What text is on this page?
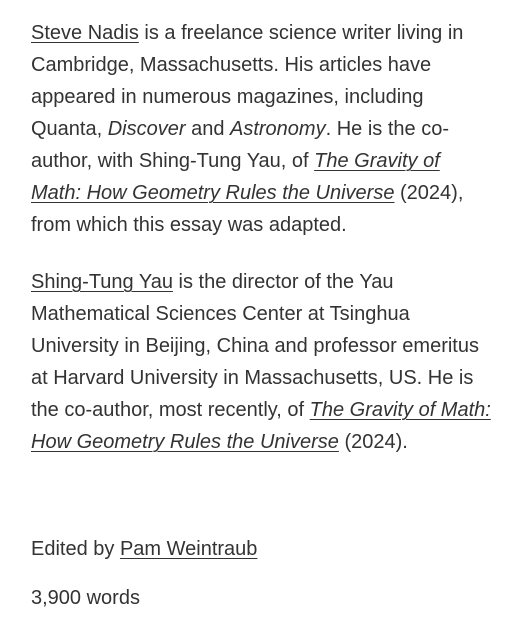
Steve Nadis is a freelance science writer living in Cambridge, Massachusetts. His articles have appeared in numerous magazines, including Quanta, Discover and Astronomy. He is the co-author, with Shing-Tung Yau, of The Gravity of Math: How Geometry Rules the Universe (2024), from which this essay was adapted.

Shing-Tung Yau is the director of the Yau Mathematical Sciences Center at Tsinghua University in Beijing, China and professor emeritus at Harvard University in Massachusetts, US. He is the co-author, most recently, of The Gravity of Math: How Geometry Rules the Universe (2024).

Edited by Pam Weintraub
3,900 words
